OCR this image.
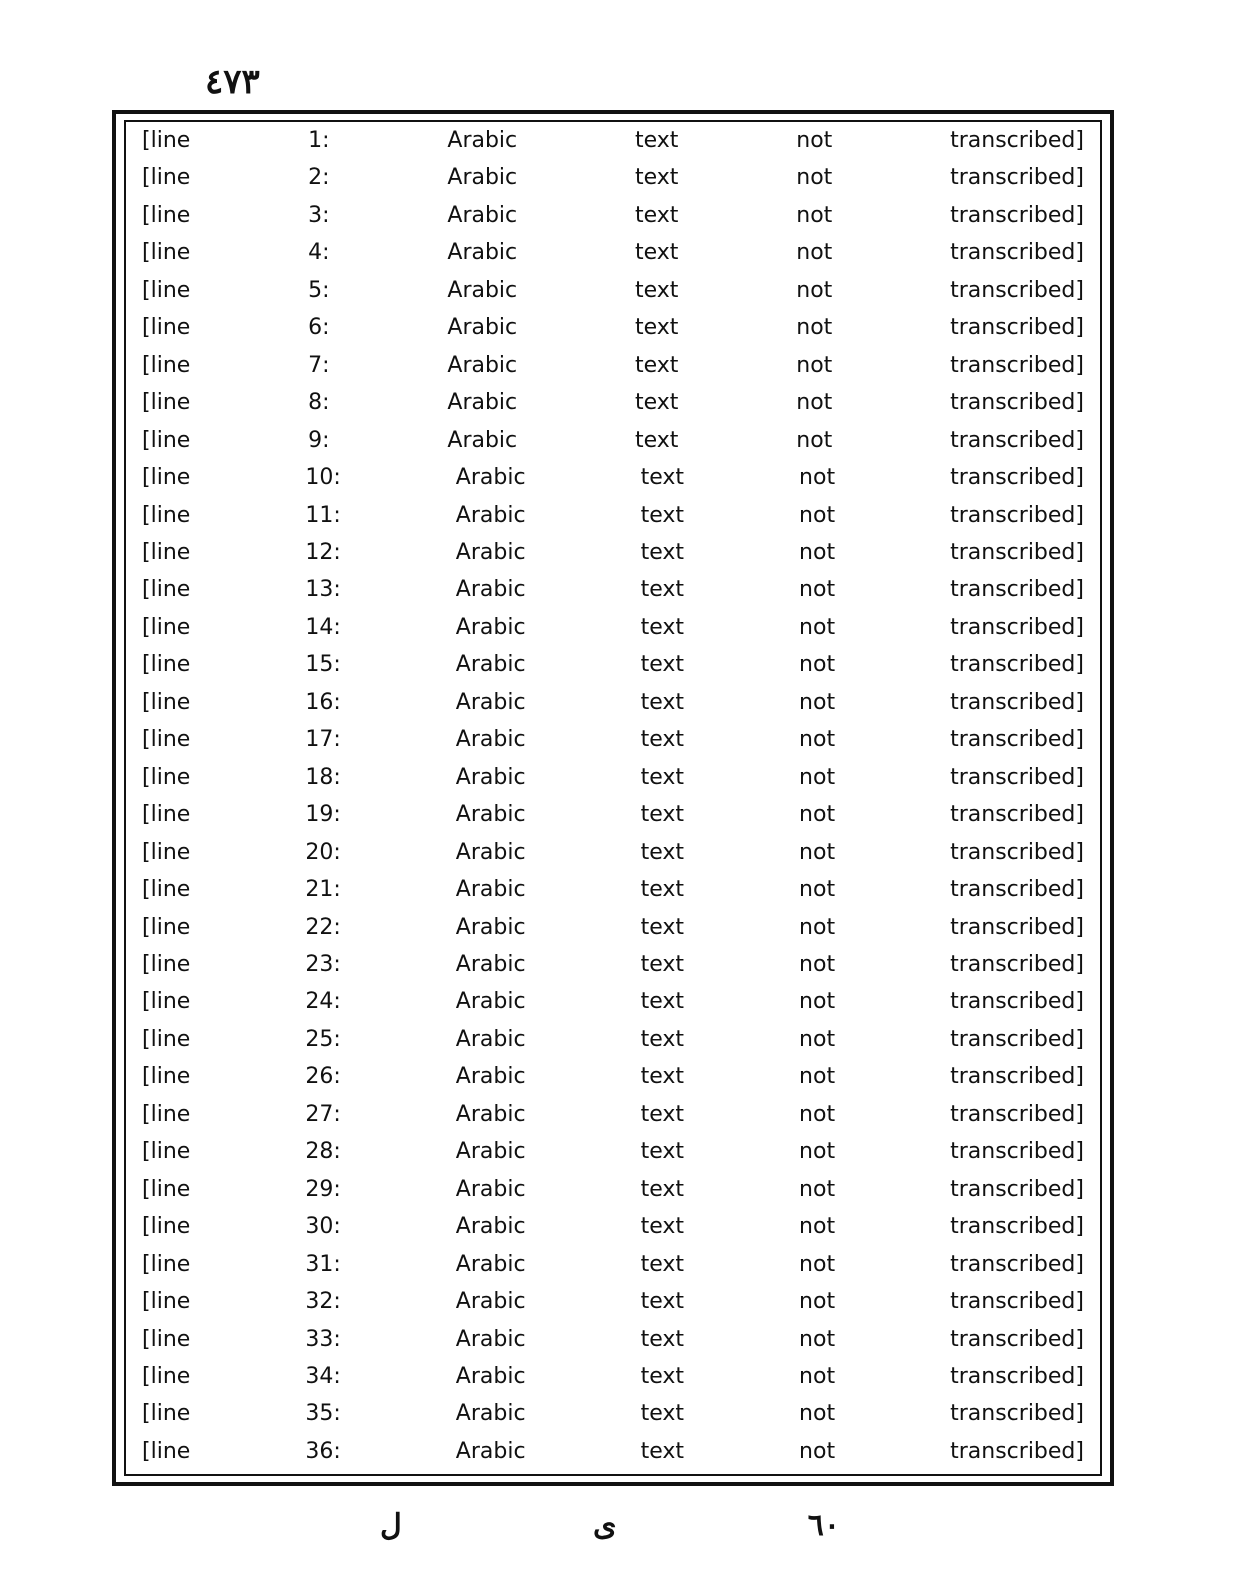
٤٧٣
[line 1: Arabic text not transcribed]
[line 2: Arabic text not transcribed]
[line 3: Arabic text not transcribed]
[line 4: Arabic text not transcribed]
[line 5: Arabic text not transcribed]
[line 6: Arabic text not transcribed]
[line 7: Arabic text not transcribed]
[line 8: Arabic text not transcribed]
[line 9: Arabic text not transcribed]
[line 10: Arabic text not transcribed]
[line 11: Arabic text not transcribed]
[line 12: Arabic text not transcribed]
[line 13: Arabic text not transcribed]
[line 14: Arabic text not transcribed]
[line 15: Arabic text not transcribed]
[line 16: Arabic text not transcribed]
[line 17: Arabic text not transcribed]
[line 18: Arabic text not transcribed]
[line 19: Arabic text not transcribed]
[line 20: Arabic text not transcribed]
[line 21: Arabic text not transcribed]
[line 22: Arabic text not transcribed]
[line 23: Arabic text not transcribed]
[line 24: Arabic text not transcribed]
[line 25: Arabic text not transcribed]
[line 26: Arabic text not transcribed]
[line 27: Arabic text not transcribed]
[line 28: Arabic text not transcribed]
[line 29: Arabic text not transcribed]
[line 30: Arabic text not transcribed]
[line 31: Arabic text not transcribed]
[line 32: Arabic text not transcribed]
[line 33: Arabic text not transcribed]
[line 34: Arabic text not transcribed]
[line 35: Arabic text not transcribed]
[line 36: Arabic text not transcribed]
٦٠
ى
ل
